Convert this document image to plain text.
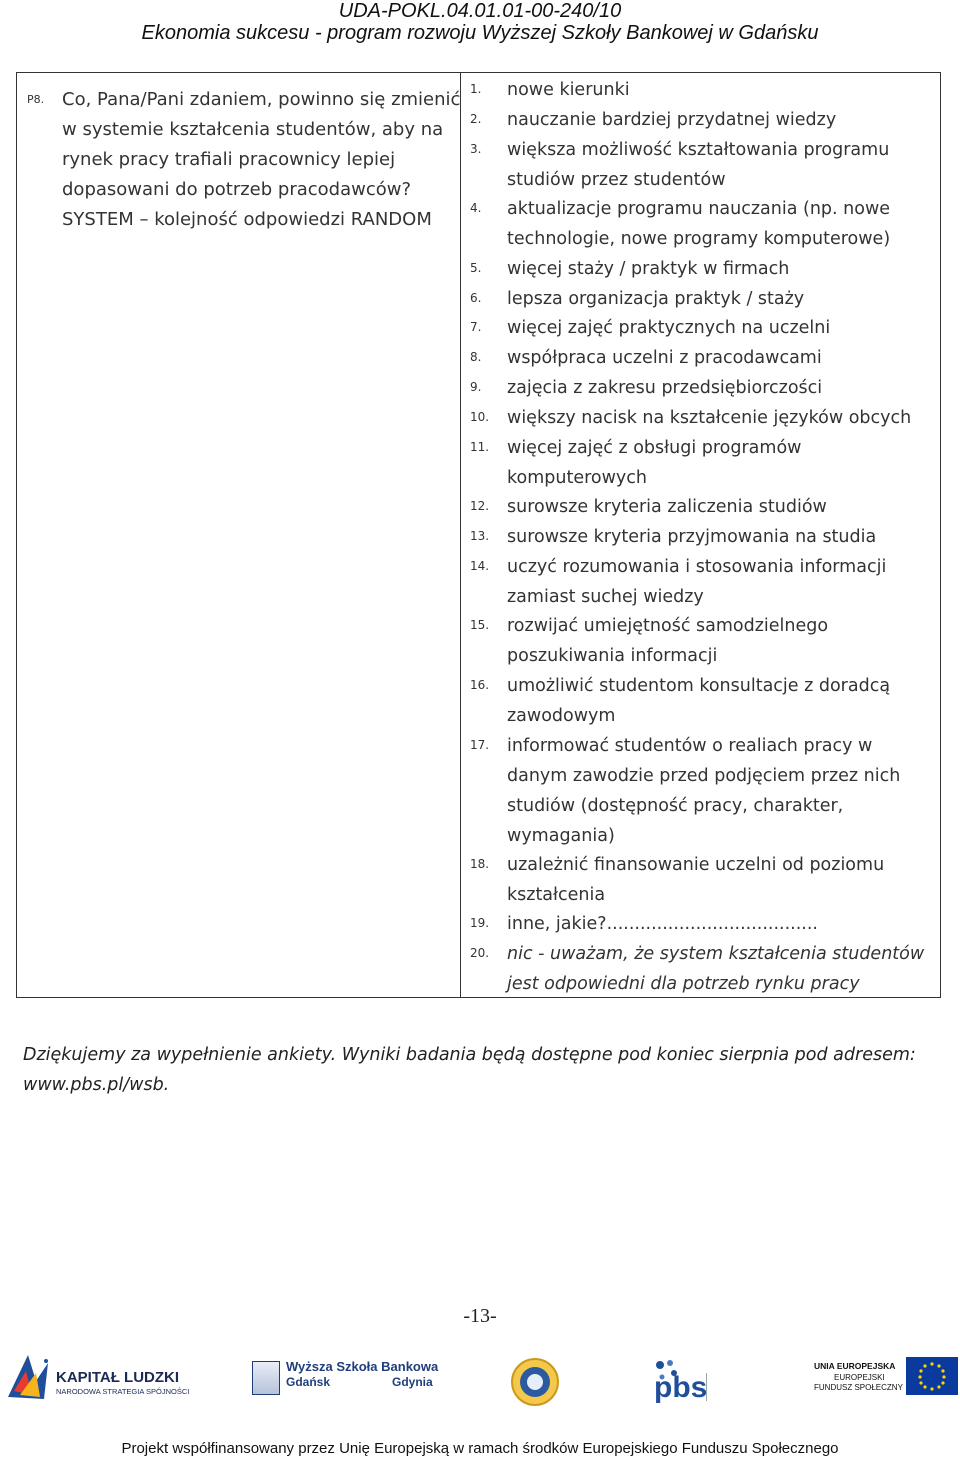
UDA-POKL.04.01.01-00-240/10
Ekonomia sukcesu - program rozwoju Wyższej Szkoły Bankowej w Gdańsku
P8. Co, Pana/Pani zdaniem, powinno się zmienić
w systemie kształcenia studentów, aby na
rynek pracy trafiali pracownicy lepiej
dopasowani do potrzeb pracodawców?
SYSTEM – kolejność odpowiedzi RANDOM
1. nowe kierunki
2. nauczanie bardziej przydatnej wiedzy
3. większa możliwość kształtowania programu
studiów przez studentów
4. aktualizacje programu nauczania (np. nowe
technologie, nowe programy komputerowe)
5. więcej staży / praktyk w firmach
6. lepsza organizacja praktyk / staży
7. więcej zajęć praktycznych na uczelni
8. współpraca uczelni z pracodawcami
9. zajęcia z zakresu przedsiębiorczości
10. większy nacisk na kształcenie języków obcych
11. więcej zajęć z obsługi programów
komputerowych
12. surowsze kryteria zaliczenia studiów
13. surowsze kryteria przyjmowania na studia
14. uczyć rozumowania i stosowania informacji
zamiast suchej wiedzy
15. rozwijać umiejętność samodzielnego
poszukiwania informacji
16. umożliwić studentom konsultacje z doradcą
zawodowym
17. informować studentów o realiach pracy w
danym zawodzie przed podjęciem przez nich
studiów (dostępność pracy, charakter,
wymagania)
18. uzależnić finansowanie uczelni od poziomu
kształcenia
19. inne, jakie?......................................
20. nic - uważam, że system kształcenia studentów
jest odpowiedni dla potrzeb rynku pracy
Dziękujemy za wypełnienie ankiety. Wyniki badania będą dostępne pod koniec sierpnia pod adresem:
www.pbs.pl/wsb.
-13-
KAPITAŁ LUDZKI
NARODOWA STRATEGIA SPÓJNOŚCI
Wyższa Szkoła Bankowa
Gdańsk	Gdynia	pbs
UNIA EUROPEJSKA
EUROPEJSKI
FUNDUSZ SPOŁECZNY
Projekt współfinansowany przez Unię Europejską w ramach środków Europejskiego Funduszu Społecznego
